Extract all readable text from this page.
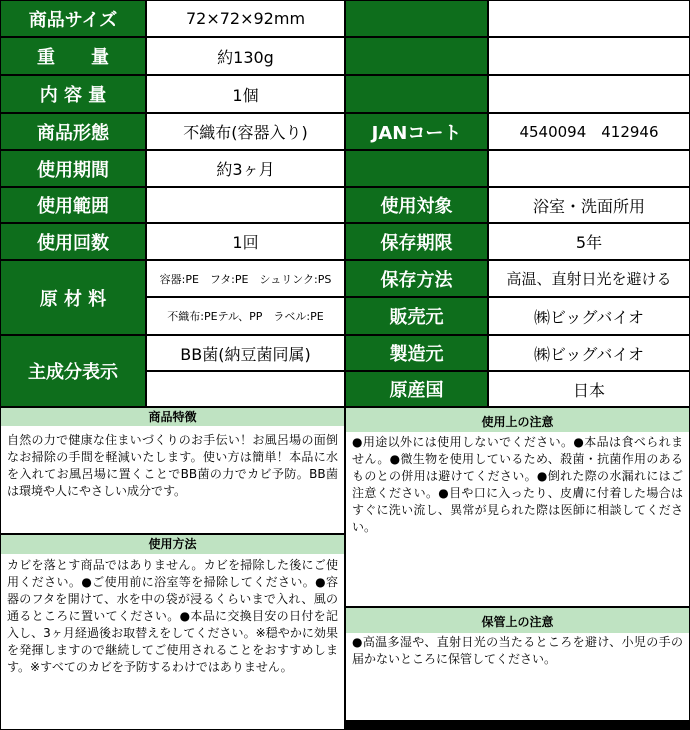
商品サイズ
重　　量
内 容 量
商品形態
使用期間
使用範囲
使用回数
原 材 料
主成分表示
72×72×92mm
約130g
1個
不織布(容器入り)
約3ヶ月
1回
容器:PE　フタ:PE　シュリンク:PS
不織布:PEテル、PP　ラベル:PE
BB菌(納豆菌同属)
JANコート
使用対象
保存期限
保存方法
販売元
製造元
原産国
4540094　412946
浴室・洗面所用
5年
高温、直射日光を避ける
㈱ビッグバイオ
㈱ビッグバイオ
日本
商品特徴
自然の力で健康な住まいづくりのお手伝い！お風呂場の面倒なお掃除の手間を軽減いたします。使い方は簡単！本品に水を入れてお風呂場に置くことでBB菌の力でカビ予防。BB菌は環境や人にやさしい成分です。
使用方法
カビを落とす商品ではありません。カビを掃除した後にご使用ください。●ご使用前に浴室等を掃除してください。●容器のフタを開けて、水を中の袋が浸るくらいまで入れ、風の通るところに置いてください。●本品に交換目安の日付を記入し、3ヶ月経過後お取替えをしてください。※穏やかに効果を発揮しますので継続してご使用されることをおすすめします。※すべてのカビを予防するわけではありません。
使用上の注意
●用途以外には使用しないでください。●本品は食べられません。●微生物を使用しているため、殺菌・抗菌作用のあるものとの併用は避けてください。●倒れた際の水漏れにはご注意ください。●目や口に入ったり、皮膚に付着した場合はすぐに洗い流し、異常が見られた際は医師に相談してください。
保管上の注意
●高温多湿や、直射日光の当たるところを避け、小児の手の届かないところに保管してください。
